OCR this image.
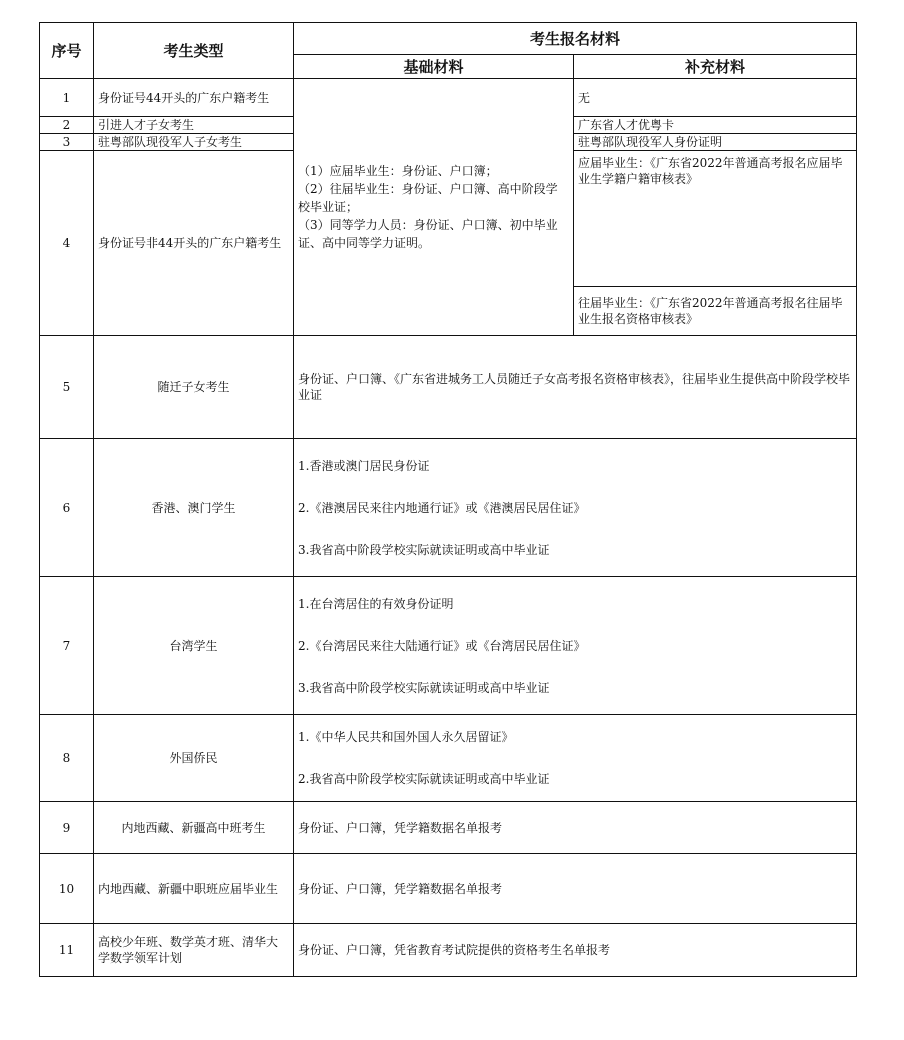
序号	考生类型	考生报名材料	
		基础材料	补充材料
1	身份证号44开头的广东户籍考生	（1）应届毕业生：身份证、户口簿；
（2）往届毕业生：身份证、户口簿、高中阶段学校毕业证；
（3）同等学力人员：身份证、户口簿、初中毕业证、高中同等学力证明。	无
2	引进人才子女考生		广东省人才优粤卡
3	驻粤部队现役军人子女考生		驻粤部队现役军人身份证明
4	身份证号非44开头的广东户籍考生		应届毕业生：《广东省2022年普通高考报名应届毕业生学籍户籍审核表》
			往届毕业生：《广东省2022年普通高考报名往届毕业生报名资格审核表》
5	随迁子女考生	身份证、户口簿、《广东省进城务工人员随迁子女高考报名资格审核表》，往届毕业生提供高中阶段学校毕业证	
6	香港、澳门学生	1.香港或澳门居民身份证
2.《港澳居民来往内地通行证》或《港澳居民居住证》
3.我省高中阶段学校实际就读证明或高中毕业证	

7	台湾学生	1.在台湾居住的有效身份证明
2.《台湾居民来往大陆通行证》或《台湾居民居住证》
3.我省高中阶段学校实际就读证明或高中毕业证	

8	外国侨民	1.《中华人民共和国外国人永久居留证》
2.我省高中阶段学校实际就读证明或高中毕业证	

9	内地西藏、新疆高中班考生	身份证、户口簿，凭学籍数据名单报考	
10	内地西藏、新疆中职班应届毕业生	身份证、户口簿，凭学籍数据名单报考	
11	高校少年班、数学英才班、清华大学数学领军计划	身份证、户口簿，凭省教育考试院提供的资格考生名单报考	
